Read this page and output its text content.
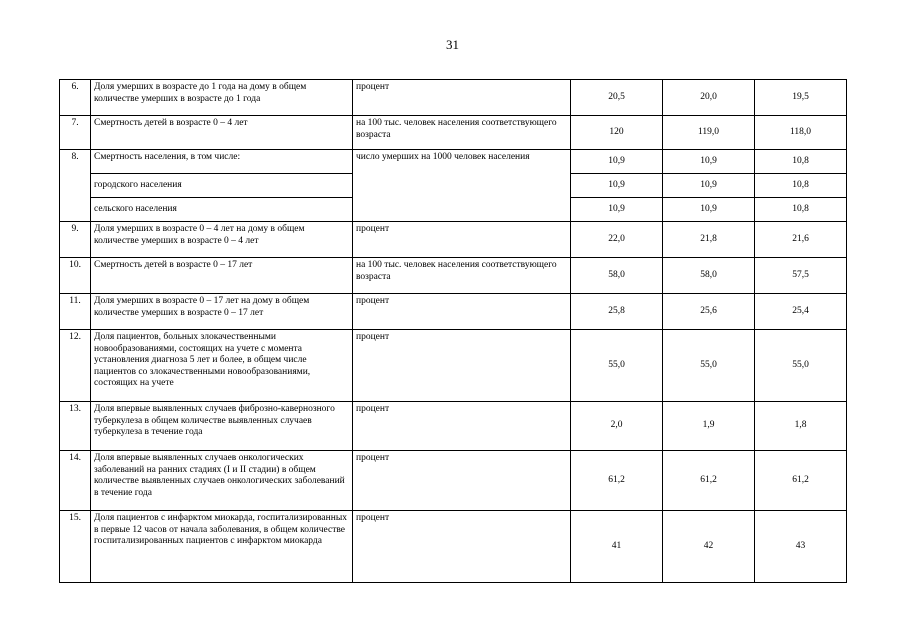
31
6.	Доля умерших в возрасте до 1 года на дому в общем количестве умерших в возрасте до 1 года	процент	20,5	20,0	19,5
7.	Смертность детей в возрасте 0 – 4 лет	на 100 тыс. человек населения соответствующего возраста	120	119,0	118,0
8.	Смертность населения, в том числе:	число умерших на 1000 человек населения	10,9	10,9	10,8
	городского населения		10,9	10,9	10,8
	сельского населения		10,9	10,9	10,8
9.	Доля умерших в возрасте 0 – 4 лет на дому в общем количестве умерших в возрасте 0 – 4 лет	процент	22,0	21,8	21,6
10.	Смертность детей в возрасте 0 – 17 лет	на 100 тыс. человек населения соответствующего возраста	58,0	58,0	57,5
11.	Доля умерших в возрасте 0 – 17 лет на дому в общем количестве умерших в возрасте 0 – 17 лет	процент	25,8	25,6	25,4
12.	Доля пациентов, больных злокачественными новообразованиями, состоящих на учете с момента установления диагноза 5 лет и более, в общем числе пациентов со злокачественными новообразованиями, состоящих на учете	процент	55,0	55,0	55,0
13.	Доля впервые выявленных случаев фиброзно-кавернозного туберкулеза в общем количестве выявленных случаев туберкулеза в течение года	процент	2,0	1,9	1,8
14.	Доля впервые выявленных случаев онкологических заболеваний на ранних стадиях (I и II стадии) в общем количестве выявленных случаев онкологических заболеваний в течение года	процент	61,2	61,2	61,2
15.	Доля пациентов с инфарктом миокарда, госпитализированных в первые 12 часов от начала заболевания, в общем количестве госпитализированных пациентов с инфарктом миокарда	процент	41	42	43
